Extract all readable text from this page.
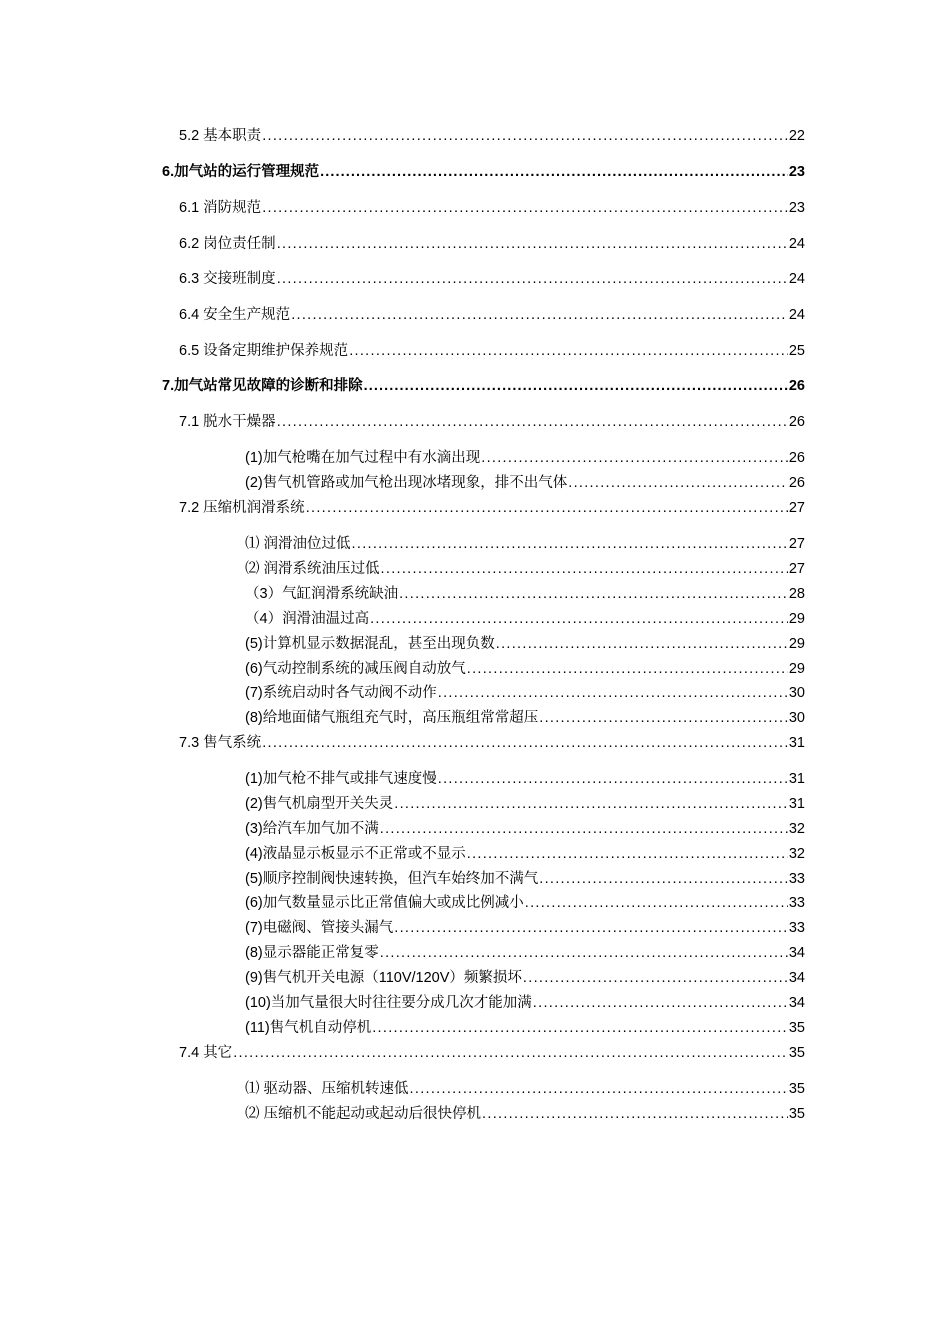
5.2 基本职责 .....	22
6.加气站的运行管理规范 .....	23
6.1 消防规范 .....	23
6.2 岗位责任制 .....	24
6.3 交接班制度 .....	24
6.4 安全生产规范 .....	24
6.5 设备定期维护保养规范 .....	25
7.加气站常见故障的诊断和排除 .....	26
7.1 脱水干燥器 .....	26
(1)加气枪嘴在加气过程中有水滴出现 .....	26
(2)售气机管路或加气枪出现冰堵现象，排不出气体 .....	26
7.2 压缩机润滑系统 .....	27
⑴ 润滑油位过低 .....	27
⑵ 润滑系统油压过低 .....	27
（3）气缸润滑系统缺油 .....	28
（4）润滑油温过高 .....	29
(5)计算机显示数据混乱，甚至出现负数 .....	29
(6)气动控制系统的减压阀自动放气 .....	29
(7)系统启动时各气动阀不动作 .....	30
(8)给地面储气瓶组充气时，高压瓶组常常超压 .....	30
7.3 售气系统 .....	31
(1)加气枪不排气或排气速度慢 .....	31
(2)售气机扇型开关失灵 .....	31
(3)给汽车加气加不满 .....	32
(4)液晶显示板显示不正常或不显示 .....	32
(5)顺序控制阀快速转换，但汽车始终加不满气 .....	33
(6)加气数量显示比正常值偏大或成比例减小 .....	33
(7)电磁阀、管接头漏气 .....	33
(8)显示器能正常复零 .....	34
(9)售气机开关电源（110V/120V）频繁损坏 .....	34
(10)当加气量很大时往往要分成几次才能加满 .....	34
(11)售气机自动停机 .....	35
7.4 其它 .....	35
⑴ 驱动器、压缩机转速低 .....	35
⑵ 压缩机不能起动或起动后很快停机 .....	35
